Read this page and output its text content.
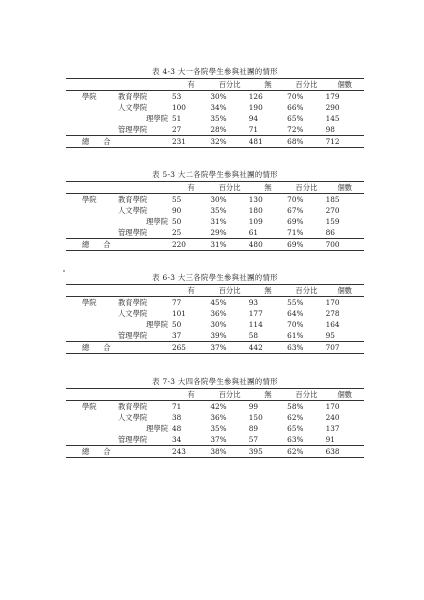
表 4-3 大一各院學生參與社團的情形
		有	百分比	無	百分比	個數
學院	教育學院	53	30%	126	70%	179
	人文學院	100	34%	190	66%	290
	理學院	51	35%	94	65%	145
	管理學院	27	28%	71	72%	98
總 合		231	32%	481	68%	712
表 5-3 大二各院學生參與社團的情形
		有	百分比	無	百分比	個數
學院	教育學院	55	30%	130	70%	185
	人文學院	90	35%	180	67%	270
	理學院	50	31%	109	69%	159
	管理學院	25	29%	61	71%	86
總 合		220	31%	480	69%	700
表 6-3 大三各院學生參與社團的情形
		有	百分比	無	百分比	個數
學院	教育學院	77	45%	93	55%	170
	人文學院	101	36%	177	64%	278
	理學院	50	30%	114	70%	164
	管理學院	37	39%	58	61%	95
總 合		265	37%	442	63%	707
表 7-3 大四各院學生參與社團的情形
		有	百分比	無	百分比	個數
學院	教育學院	71	42%	99	58%	170
	人文學院	38	36%	150	62%	240
	理學院	48	35%	89	65%	137
	管理學院	34	37%	57	63%	91
總 合		243	38%	395	62%	638
